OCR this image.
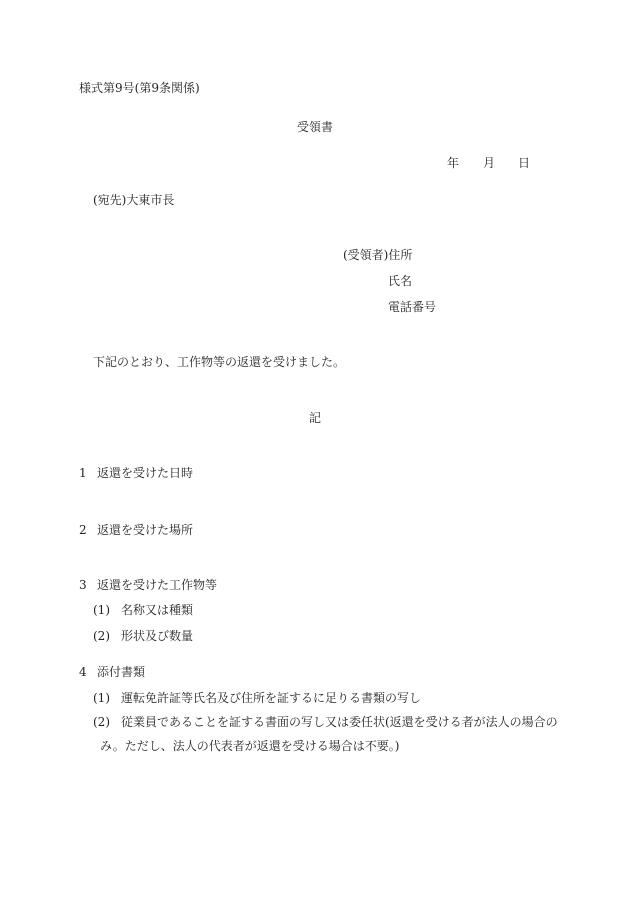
様式第9号(第9条関係)
受領書
年 月 日
(宛先)大東市長
(受領者)住所
氏名
電話番号
下記のとおり、工作物等の返還を受けました。
記
1 返還を受けた日時
2 返還を受けた場所
3 返還を受けた工作物等
(1) 名称又は種類
(2) 形状及び数量
4 添付書類
(1) 運転免許証等氏名及び住所を証するに足りる書類の写し
(2) 従業員であることを証する書面の写し又は委任状(返還を受ける者が法人の場合の
み。ただし、法人の代表者が返還を受ける場合は不要。)
